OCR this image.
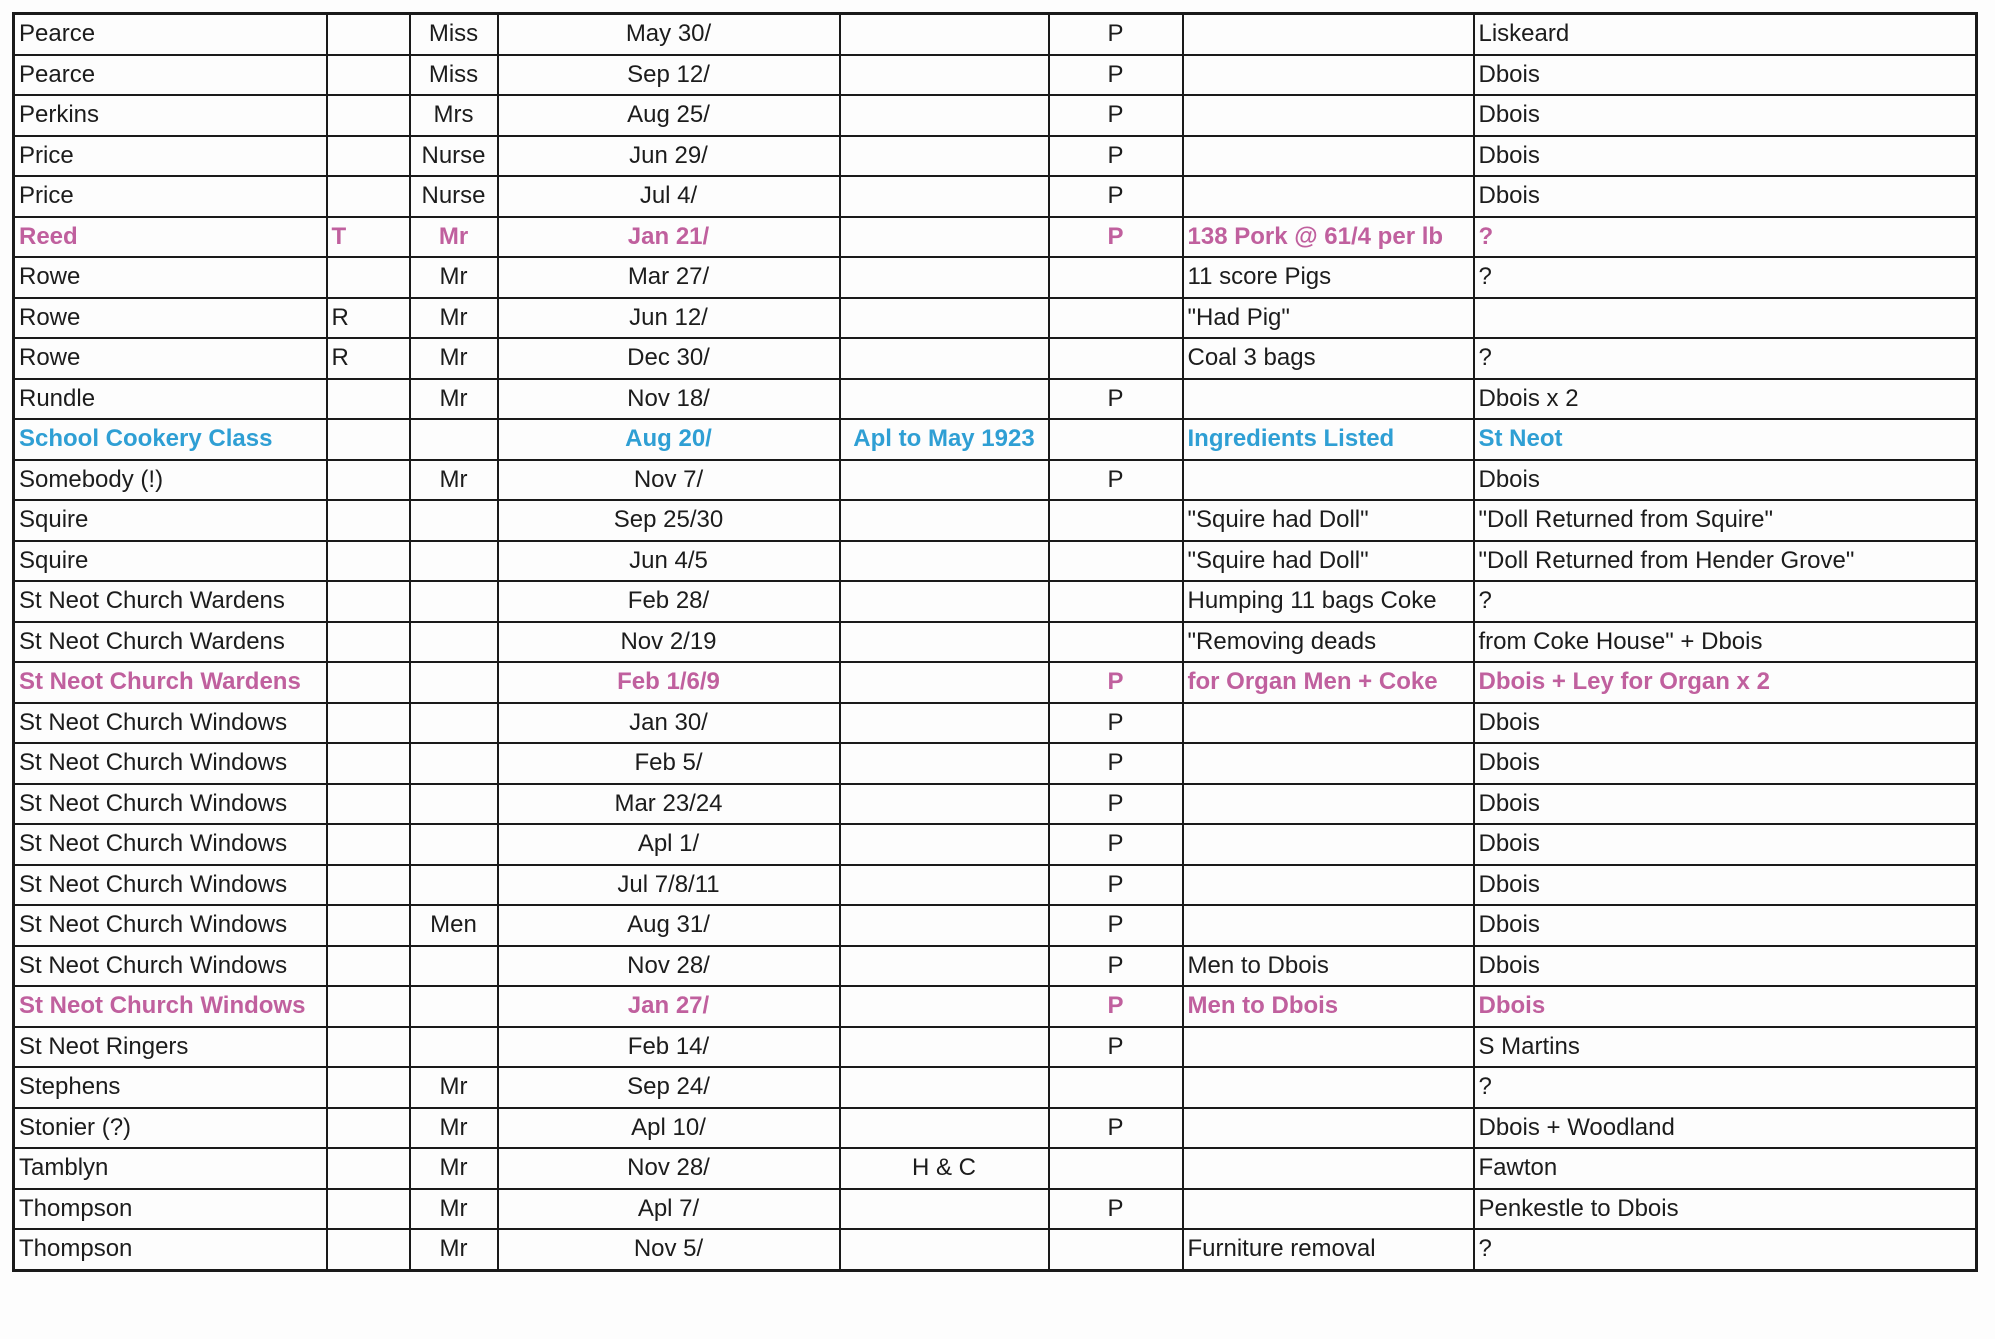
Pearce		Miss	May 30/		P		Liskeard
Pearce		Miss	Sep 12/		P		Dbois
Perkins		Mrs	Aug 25/		P		Dbois
Price		Nurse	Jun 29/		P		Dbois
Price		Nurse	Jul 4/		P		Dbois
Reed	T	Mr	Jan 21/		P	138 Pork @ 61/4 per lb	?
Rowe		Mr	Mar 27/			11 score Pigs	?
Rowe	R	Mr	Jun 12/			"Had Pig"	
Rowe	R	Mr	Dec 30/			Coal 3 bags	?
Rundle		Mr	Nov 18/		P		Dbois x 2
School Cookery Class			Aug 20/	Apl to May 1923		Ingredients Listed	St Neot
Somebody (!)		Mr	Nov 7/		P		Dbois
Squire			Sep 25/30			"Squire had Doll"	"Doll Returned from Squire"
Squire			Jun 4/5			"Squire had Doll"	"Doll Returned from Hender Grove"
St Neot Church Wardens			Feb 28/			Humping 11 bags Coke	?
St Neot Church Wardens			Nov 2/19			"Removing deads	from Coke House" + Dbois
St Neot Church Wardens			Feb 1/6/9		P	for Organ Men + Coke	Dbois + Ley for Organ x 2
St Neot Church Windows			Jan 30/		P		Dbois
St Neot Church Windows			Feb 5/		P		Dbois
St Neot Church Windows			Mar 23/24		P		Dbois
St Neot Church Windows			Apl 1/		P		Dbois
St Neot Church Windows			Jul 7/8/11		P		Dbois
St Neot Church Windows		Men	Aug 31/		P		Dbois
St Neot Church Windows			Nov 28/		P	Men to Dbois	Dbois
St Neot Church Windows			Jan 27/		P	Men to Dbois	Dbois
St Neot Ringers			Feb 14/		P		S Martins
Stephens		Mr	Sep 24/				?
Stonier (?)		Mr	Apl 10/		P		Dbois + Woodland
Tamblyn		Mr	Nov 28/	H & C			Fawton
Thompson		Mr	Apl 7/		P		Penkestle to Dbois
Thompson		Mr	Nov 5/			Furniture removal	?
